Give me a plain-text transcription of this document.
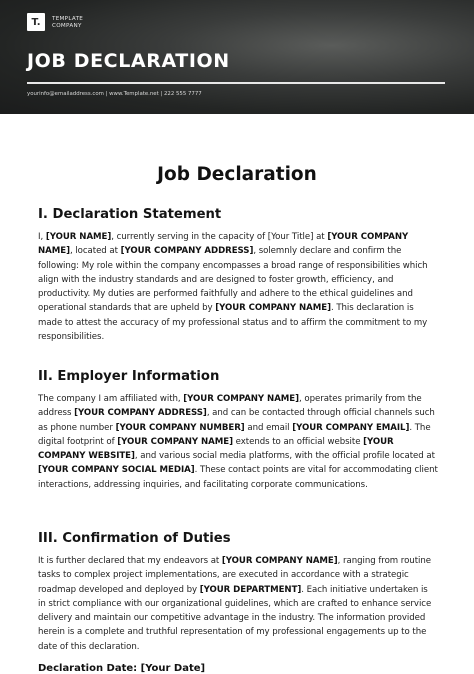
T. TEMPLATE
COMPANY
JOB DECLARATION
yourinfo@emailaddress.com | www.Template.net | 222 555 7777
Job Declaration
I. Declaration Statement

I, [YOUR NAME], currently serving in the capacity of [Your Title] at [YOUR COMPANY NAME], located at [YOUR COMPANY ADDRESS], solemnly declare and confirm the following: My role within the company encompasses a broad range of responsibilities which align with the industry standards and are designed to foster growth, efficiency, and productivity. My duties are performed faithfully and adhere to the ethical guidelines and operational standards that are upheld by [YOUR COMPANY NAME]. This declaration is made to attest the accuracy of my professional status and to affirm the commitment to my responsibilities.

II. Employer Information

The company I am affiliated with, [YOUR COMPANY NAME], operates primarily from the address [YOUR COMPANY ADDRESS], and can be contacted through official channels such as phone number [YOUR COMPANY NUMBER] and email [YOUR COMPANY EMAIL]. The digital footprint of [YOUR COMPANY NAME] extends to an official website [YOUR COMPANY WEBSITE], and various social media platforms, with the official profile located at [YOUR COMPANY SOCIAL MEDIA]. These contact points are vital for accommodating client interactions, addressing inquiries, and facilitating corporate communications.

III. Confirmation of Duties

It is further declared that my endeavors at [YOUR COMPANY NAME], ranging from routine tasks to complex project implementations, are executed in accordance with a strategic roadmap developed and deployed by [YOUR DEPARTMENT]. Each initiative undertaken is in strict compliance with our organizational guidelines, which are crafted to enhance service delivery and maintain our competitive advantage in the industry. The information provided herein is a complete and truthful representation of my professional engagements up to the date of this declaration.

Declaration Date: [Your Date]
